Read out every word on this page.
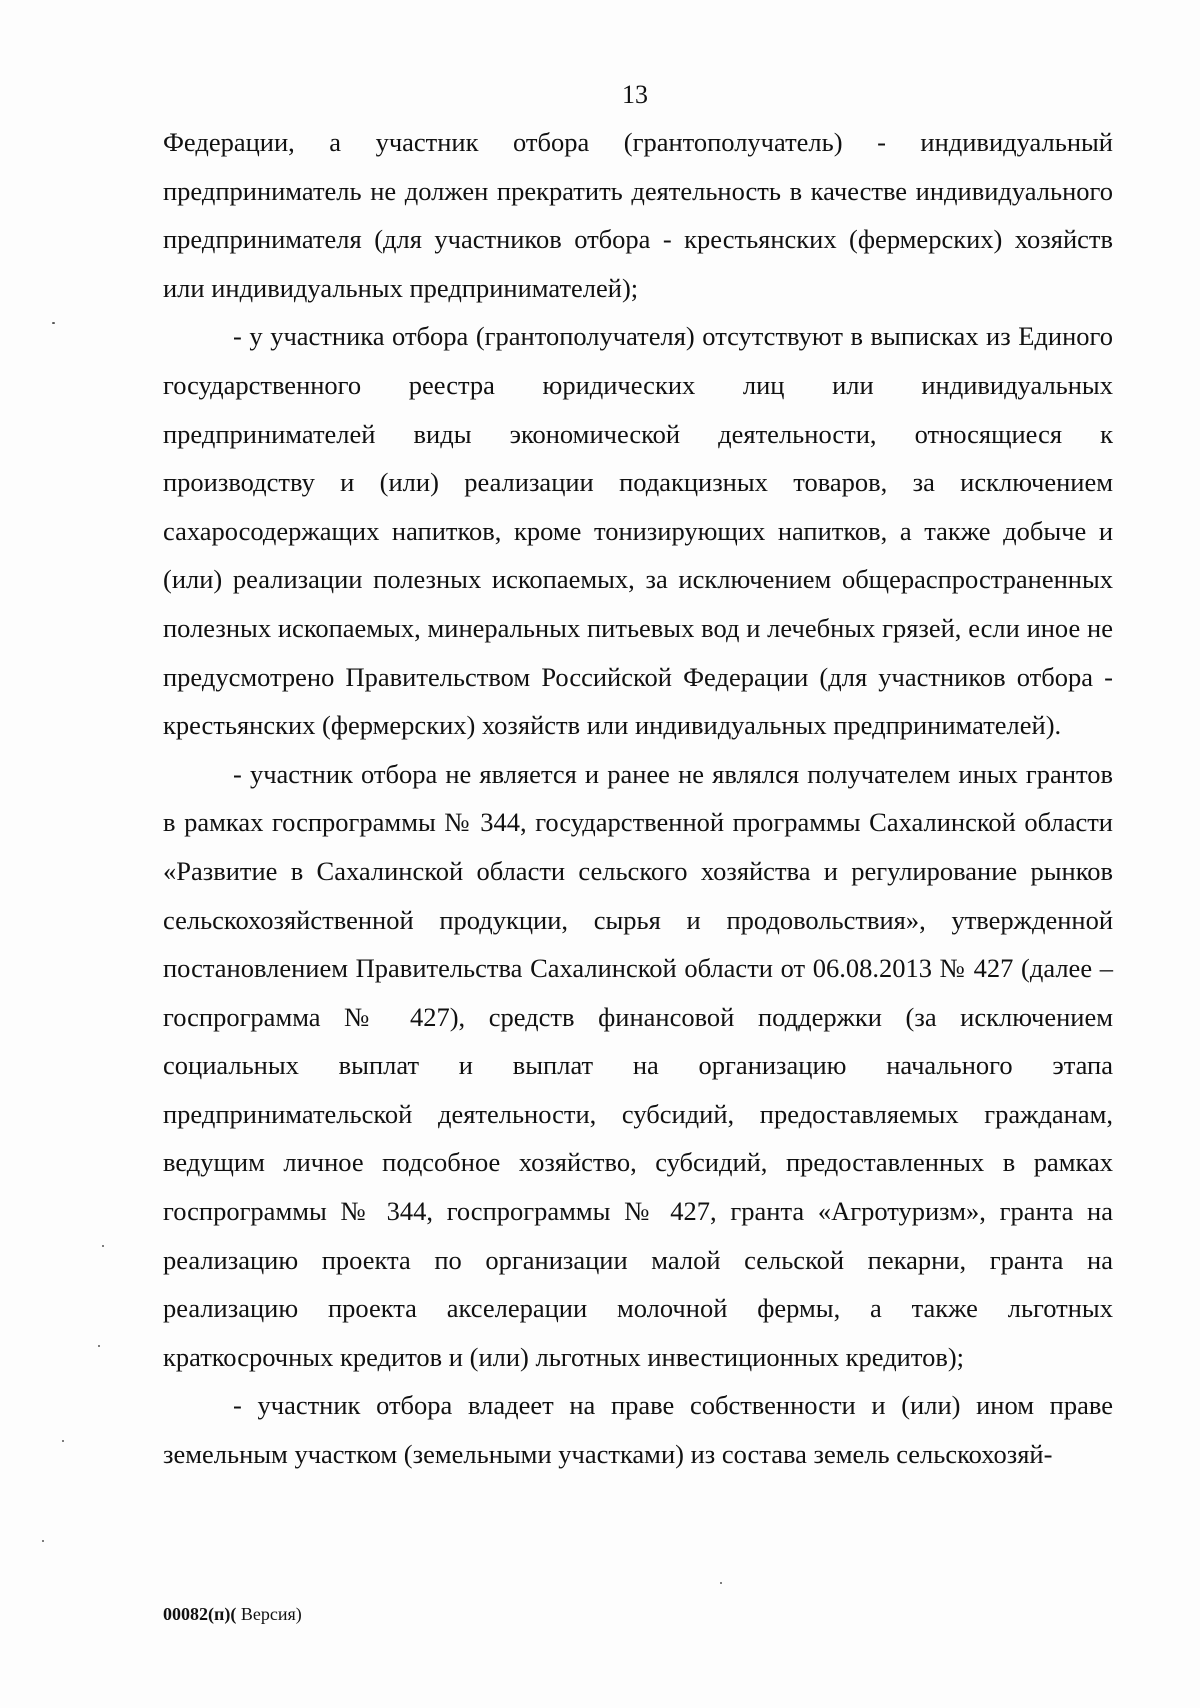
13

Федерации, а участник отбора (грантополучатель) - индивидуальный предприниматель не должен прекратить деятельность в качестве индивидуального предпринимателя (для участников отбора - крестьянских (фермерских) хозяйств или индивидуальных предпринимателей);

- у участника отбора (грантополучателя) отсутствуют в выписках из Единого государственного реестра юридических лиц или индивидуальных предпринимателей виды экономической деятельности, относящиеся к производству и (или) реализации подакцизных товаров, за исключением сахаросодержащих напитков, кроме тонизирующих напитков, а также добыче и (или) реализации полезных ископаемых, за исключением общераспространенных полезных ископаемых, минеральных питьевых вод и лечебных грязей, если иное не предусмотрено Правительством Российской Федерации (для участников отбора - крестьянских (фермерских) хозяйств или индивидуальных предпринимателей).

- участник отбора не является и ранее не являлся получателем иных грантов в рамках госпрограммы № 344, государственной программы Сахалинской области «Развитие в Сахалинской области сельского хозяйства и регулирование рынков сельскохозяйственной продукции, сырья и продовольствия», утвержденной постановлением Правительства Сахалинской области от 06.08.2013 № 427 (далее – госпрограмма № 427), средств финансовой поддержки (за исключением социальных выплат и выплат на организацию начального этапа предпринимательской деятельности, субсидий, предоставляемых гражданам, ведущим личное подсобное хозяйство, субсидий, предоставленных в рамках госпрограммы № 344, госпрограммы № 427, гранта «Агротуризм», гранта на реализацию проекта по организации малой сельской пекарни, гранта на реализацию проекта акселерации молочной фермы, а также льготных краткосрочных кредитов и (или) льготных инвестиционных кредитов);

- участник отбора владеет на праве собственности и (или) ином праве земельным участком (земельными участками) из состава земель сельскохозяй-

00082(п)( Версия)
